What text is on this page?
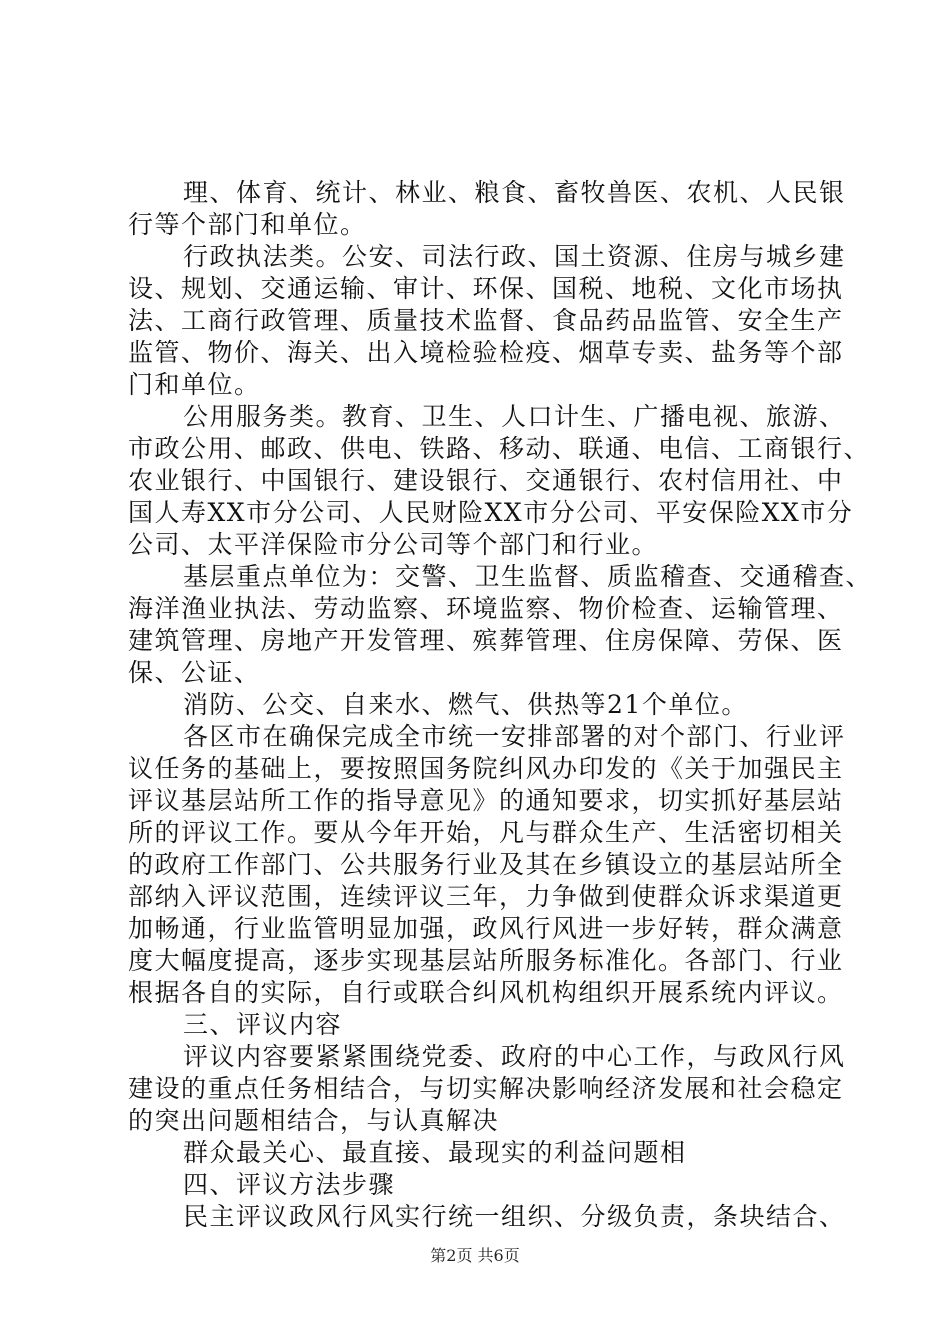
理、体育、统计、林业、粮食、畜牧兽医、农机、人民银
行等个部门和单位。
行政执法类。公安、司法行政、国土资源、住房与城乡建
设、规划、交通运输、审计、环保、国税、地税、文化市场执
法、工商行政管理、质量技术监督、食品药品监管、安全生产
监管、物价、海关、出入境检验检疫、烟草专卖、盐务等个部
门和单位。
公用服务类。教育、卫生、人口计生、广播电视、旅游、
市政公用、邮政、供电、铁路、移动、联通、电信、工商银行、
农业银行、中国银行、建设银行、交通银行、农村信用社、中
国人寿XX市分公司、人民财险XX市分公司、平安保险XX市分
公司、太平洋保险市分公司等个部门和行业。
基层重点单位为：交警、卫生监督、质监稽查、交通稽查、
海洋渔业执法、劳动监察、环境监察、物价检查、运输管理、
建筑管理、房地产开发管理、殡葬管理、住房保障、劳保、医
保、公证、
消防、公交、自来水、燃气、供热等21个单位。
各区市在确保完成全市统一安排部署的对个部门、行业评
议任务的基础上，要按照国务院纠风办印发的《关于加强民主
评议基层站所工作的指导意见》的通知要求，切实抓好基层站
所的评议工作。要从今年开始，凡与群众生产、生活密切相关
的政府工作部门、公共服务行业及其在乡镇设立的基层站所全
部纳入评议范围，连续评议三年，力争做到使群众诉求渠道更
加畅通，行业监管明显加强，政风行风进一步好转，群众满意
度大幅度提高，逐步实现基层站所服务标准化。各部门、行业
根据各自的实际，自行或联合纠风机构组织开展系统内评议。
三、评议内容
评议内容要紧紧围绕党委、政府的中心工作，与政风行风
建设的重点任务相结合，与切实解决影响经济发展和社会稳定
的突出问题相结合，与认真解决
群众最关心、最直接、最现实的利益问题相
四、评议方法步骤
民主评议政风行风实行统一组织、分级负责，条块结合、
第2页 共6页
